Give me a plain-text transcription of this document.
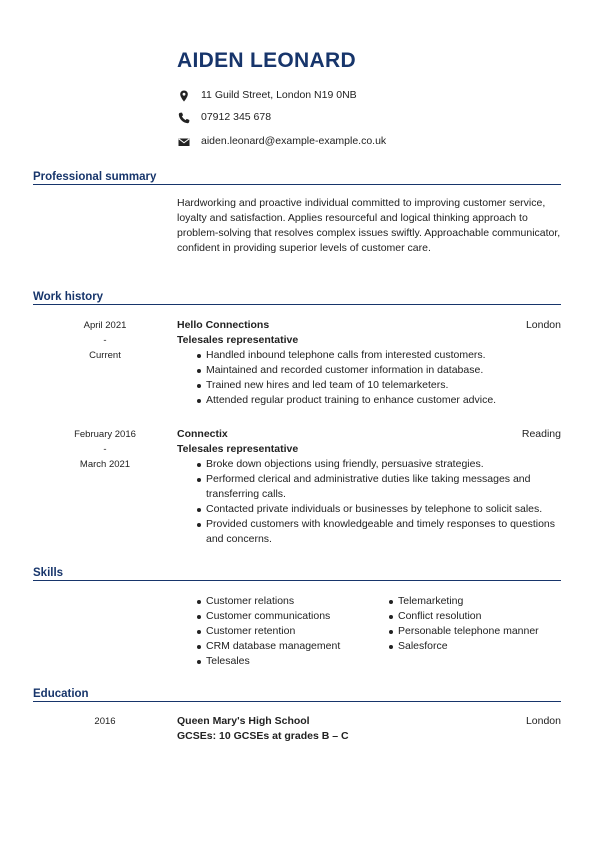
AIDEN LEONARD
11 Guild Street, London N19 0NB
07912 345 678
aiden.leonard@example-example.co.uk
Professional summary
Hardworking and proactive individual committed to improving customer service, loyalty and satisfaction. Applies resourceful and logical thinking approach to problem-solving that resolves complex issues swiftly. Approachable communicator, confident in providing superior levels of customer care.
Work history
April 2021
-
Current
Hello Connections	London
Telesales representative
Handled inbound telephone calls from interested customers.
Maintained and recorded customer information in database.
Trained new hires and led team of 10 telemarketers.
Attended regular product training to enhance customer advice.
February 2016
-
March 2021
Connectix	Reading
Telesales representative
Broke down objections using friendly, persuasive strategies.
Performed clerical and administrative duties like taking messages and transferring calls.
Contacted private individuals or businesses by telephone to solicit sales.
Provided customers with knowledgeable and timely responses to questions and concerns.
Skills
Customer relations
Customer communications
Customer retention
CRM database management
Telesales
Telemarketing
Conflict resolution
Personable telephone manner
Salesforce
Education
2016	Queen Mary's High School	London
GCSEs: 10 GCSEs at grades B – C
